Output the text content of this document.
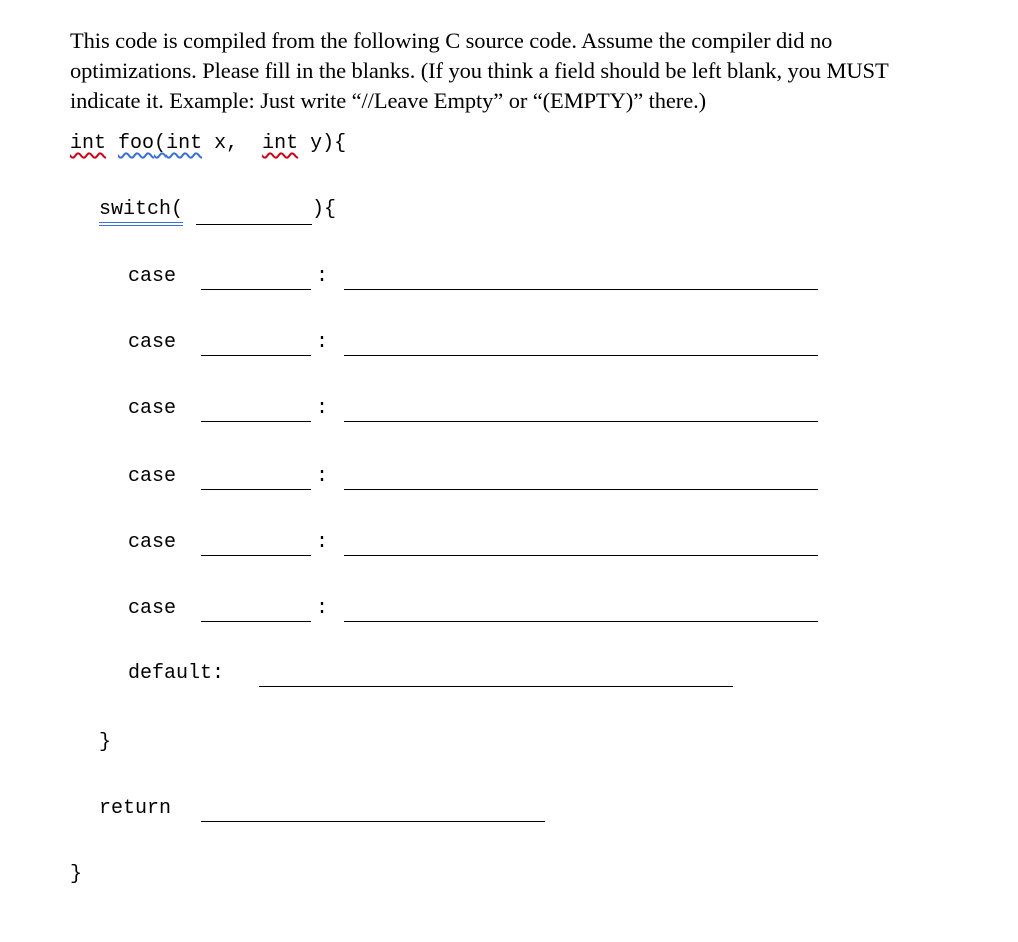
This code is compiled from the following C source code. Assume the compiler did no
optimizations. Please fill in the blanks. (If you think a field should be left blank, you MUST
indicate it. Example: Just write “//Leave Empty” or “(EMPTY)” there.)
int foo(int x,  int y){
switch(	){
case	:
case	:
case	:
case	:
case	:
case	:
default:
}
return
}
